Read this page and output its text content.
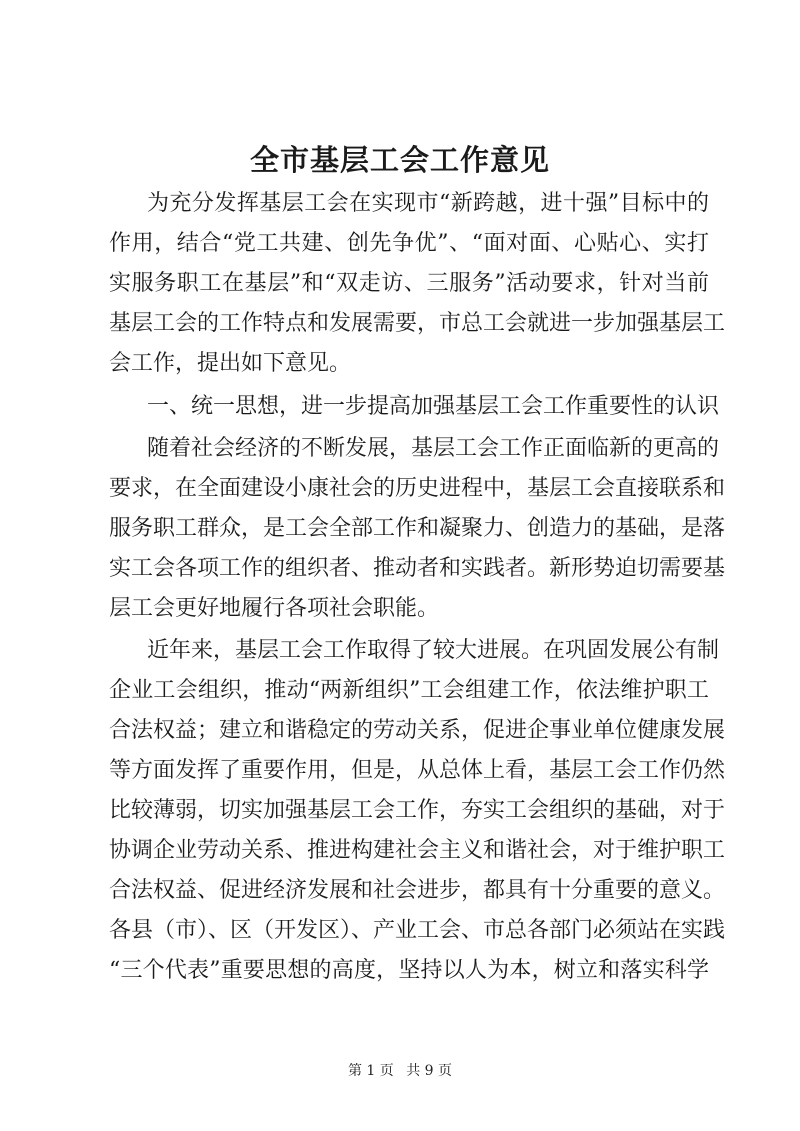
全市基层工会工作意见
为充分发挥基层工会在实现市“新跨越，进十强”目标中的
作用，结合“党工共建、创先争优”、“面对面、心贴心、实打
实服务职工在基层”和“双走访、三服务”活动要求，针对当前
基层工会的工作特点和发展需要，市总工会就进一步加强基层工
会工作，提出如下意见。
一、统一思想，进一步提高加强基层工会工作重要性的认识
随着社会经济的不断发展，基层工会工作正面临新的更高的
要求，在全面建设小康社会的历史进程中，基层工会直接联系和
服务职工群众，是工会全部工作和凝聚力、创造力的基础，是落
实工会各项工作的组织者、推动者和实践者。新形势迫切需要基
层工会更好地履行各项社会职能。
近年来，基层工会工作取得了较大进展。在巩固发展公有制
企业工会组织，推动“两新组织”工会组建工作，依法维护职工
合法权益；建立和谐稳定的劳动关系，促进企事业单位健康发展
等方面发挥了重要作用，但是，从总体上看，基层工会工作仍然
比较薄弱，切实加强基层工会工作，夯实工会组织的基础，对于
协调企业劳动关系、推进构建社会主义和谐社会，对于维护职工
合法权益、促进经济发展和社会进步，都具有十分重要的意义。
各县（市）、区（开发区）、产业工会、市总各部门必须站在实践
“三个代表”重要思想的高度，坚持以人为本，树立和落实科学
第 1 页 共 9 页
